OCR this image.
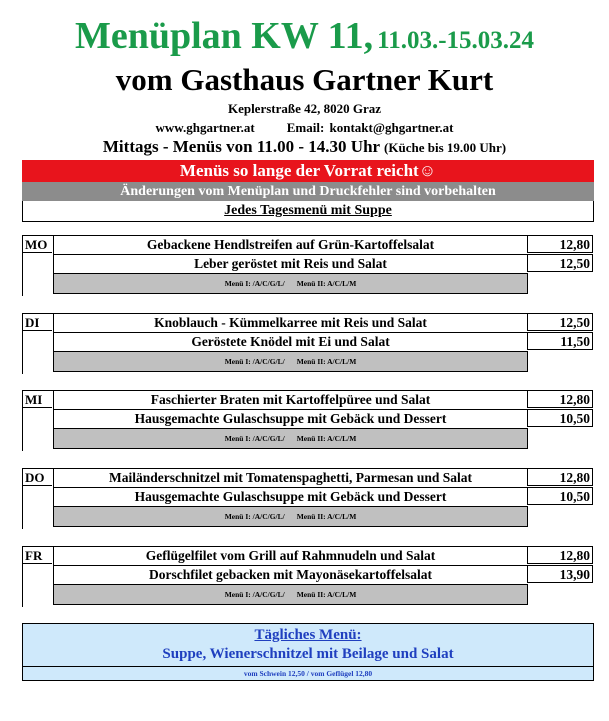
Menüplan KW 11, 11.03.-15.03.24
vom Gasthaus Gartner Kurt
Keplerstraße 42, 8020 Graz
www.ghgartner.at Email: kontakt@ghgartner.at
Mittags - Menüs von 11.00 - 14.30 Uhr (Küche bis 19.00 Uhr)
Menüs so lange der Vorrat reicht☺
Änderungen vom Menüplan und Druckfehler sind vorbehalten
Jedes Tagesmenü mit Suppe
MO	Gebackene Hendlstreifen auf Grün-Kartoffelsalat	12,80
Leber geröstet mit Reis und Salat	12,50
Menü I: /A/C/G/L/ Menü II: A/C/L/M
DI	Knoblauch - Kümmelkarree mit Reis und Salat	12,50
Geröstete Knödel mit Ei und Salat	11,50
Menü I: /A/C/G/L/ Menü II: A/C/L/M
MI	Faschierter Braten mit Kartoffelpüree und Salat	12,80
Hausgemachte Gulaschsuppe mit Gebäck und Dessert	10,50
Menü I: /A/C/G/L/ Menü II: A/C/L/M
DO	Mailänderschnitzel mit Tomatenspaghetti, Parmesan und Salat	12,80
Hausgemachte Gulaschsuppe mit Gebäck und Dessert	10,50
Menü I: /A/C/G/L/ Menü II: A/C/L/M
FR	Geflügelfilet vom Grill auf Rahmnudeln und Salat	12,80
Dorschfilet gebacken mit Mayonäsekartoffelsalat	13,90
Menü I: /A/C/G/L/ Menü II: A/C/L/M
Tägliches Menü:
Suppe, Wienerschnitzel mit Beilage und Salat
vom Schwein 12,50 / vom Geflügel 12,80
